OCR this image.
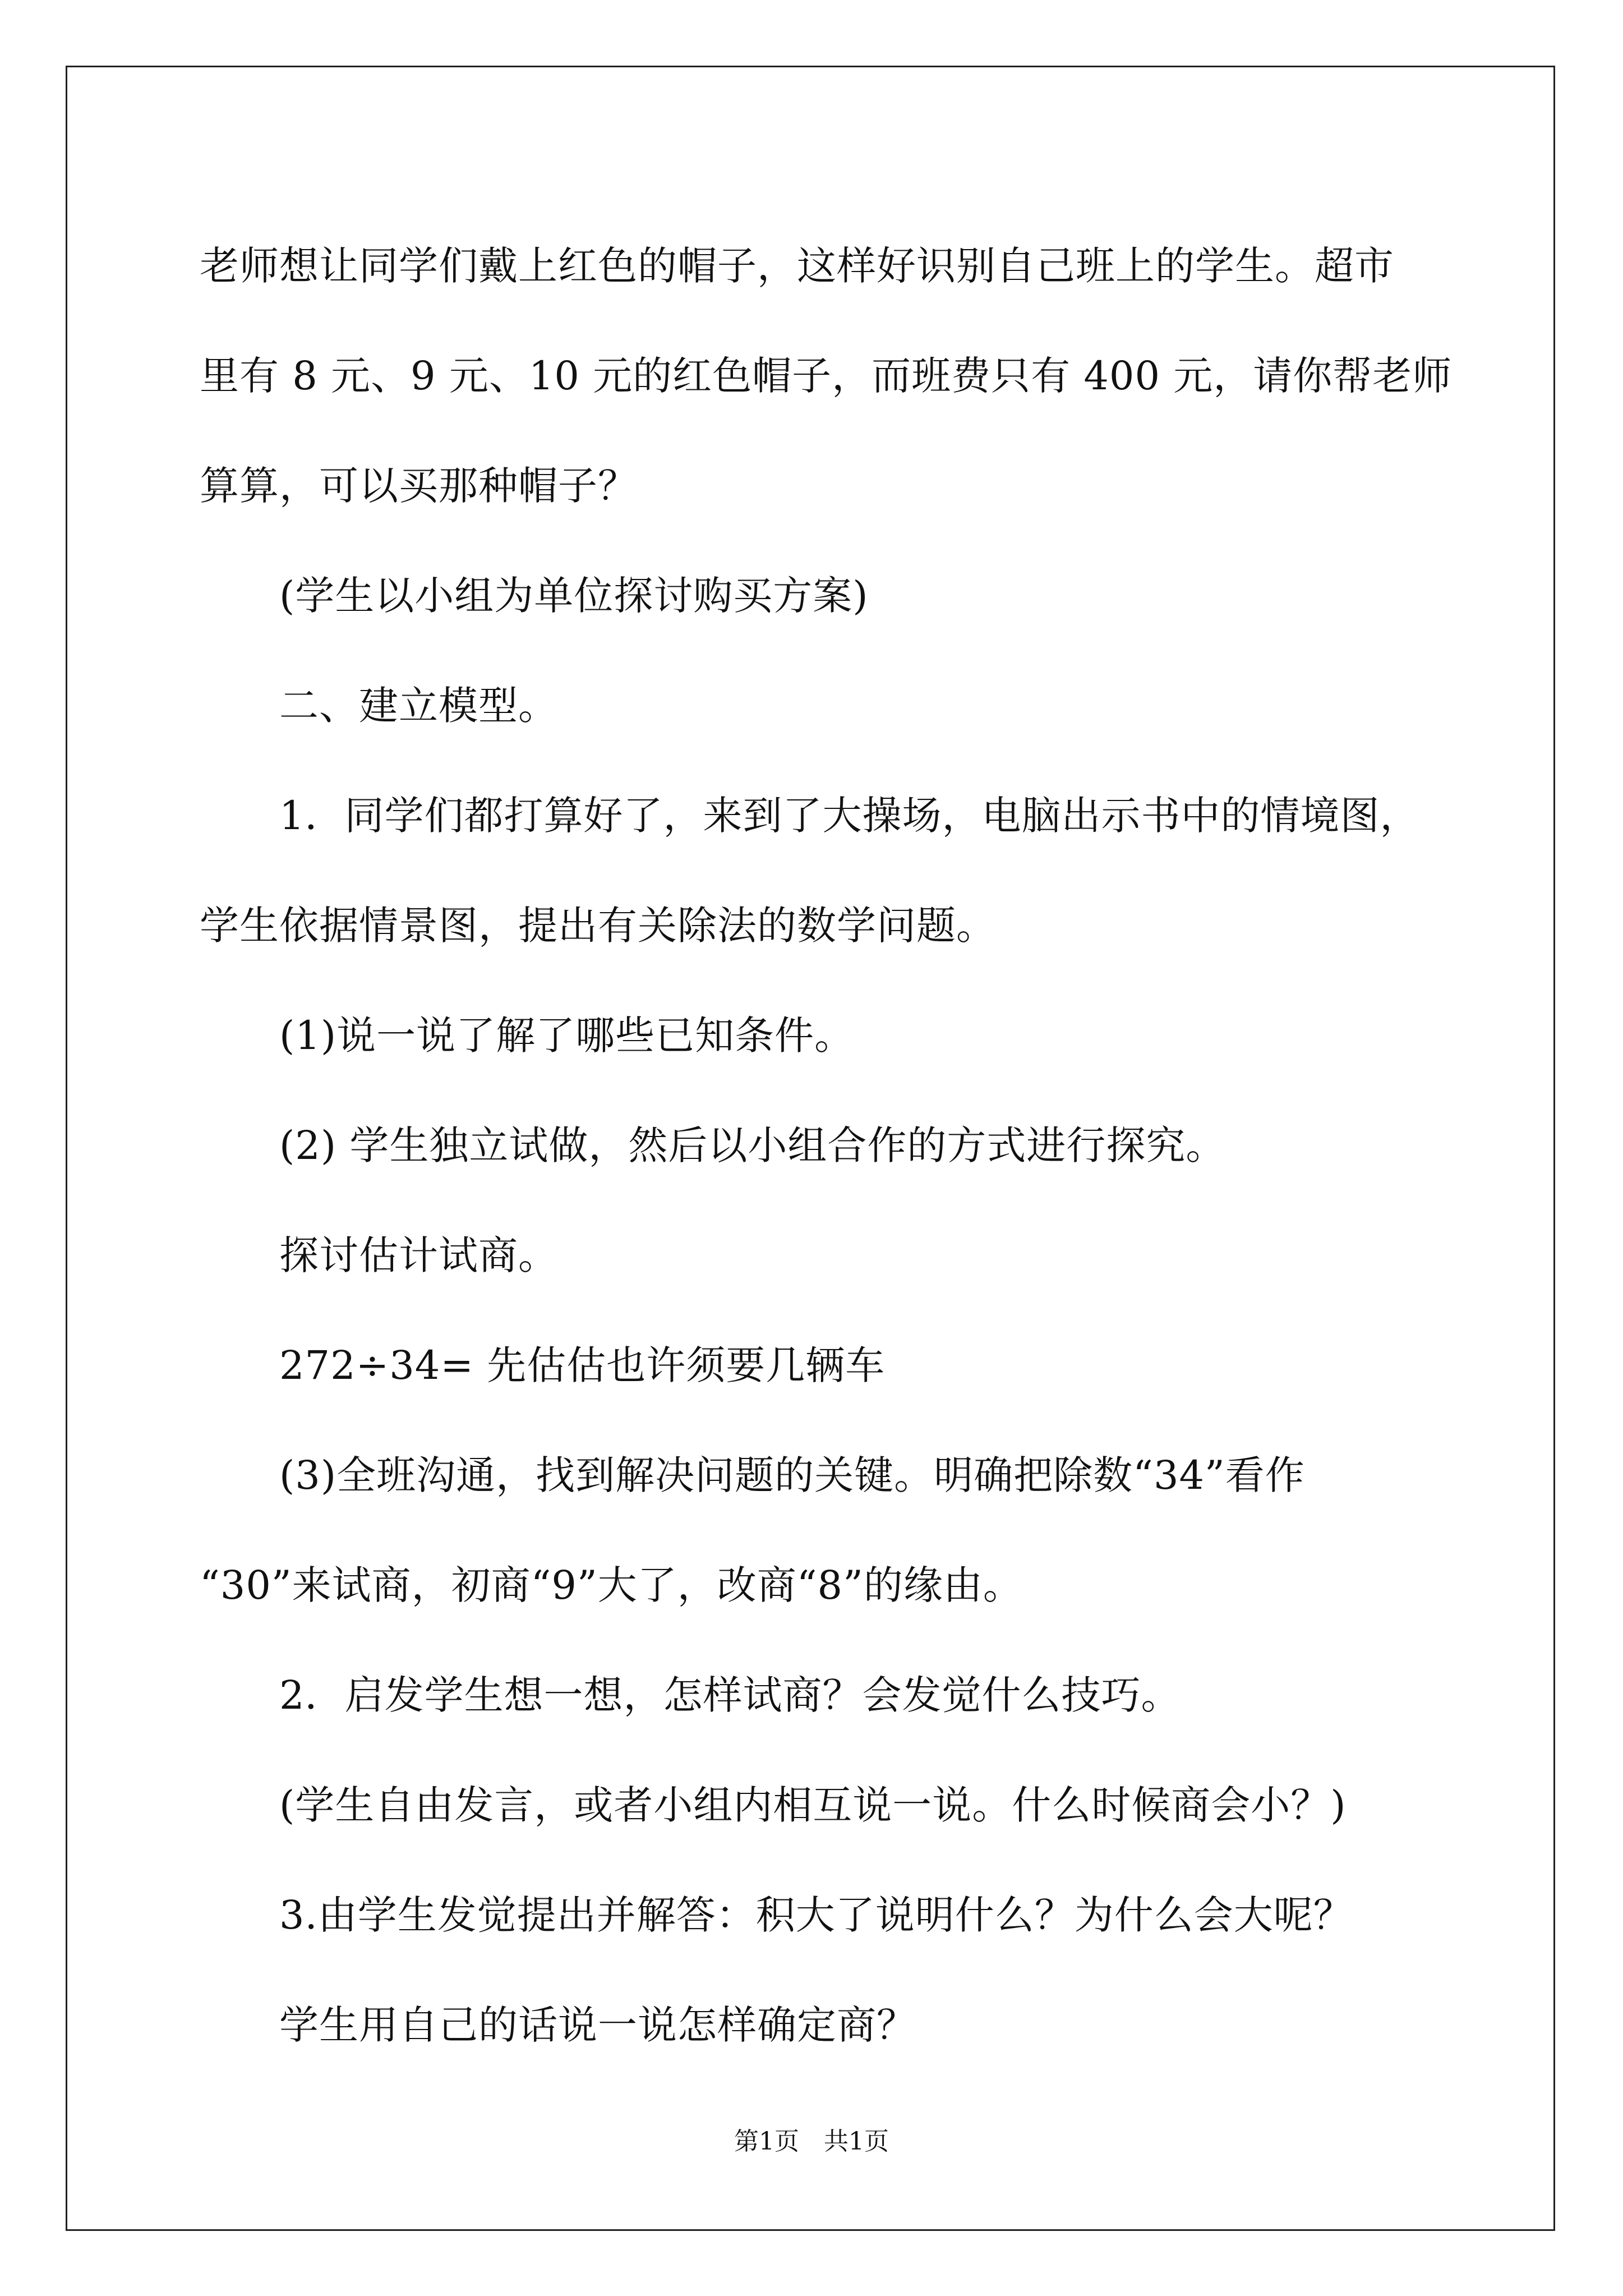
老师想让同学们戴上红色的帽子，这样好识别自己班上的学生。超市

里有 8 元、9 元、10 元的红色帽子，而班费只有 400 元，请你帮老师

算算，可以买那种帽子？

(学生以小组为单位探讨购买方案)

二、建立模型。

1．同学们都打算好了，来到了大操场，电脑出示书中的情境图，

学生依据情景图，提出有关除法的数学问题。

(1)说一说了解了哪些已知条件。

(2) 学生独立试做，然后以小组合作的方式进行探究。

探讨估计试商。

272÷34= 先估估也许须要几辆车

(3)全班沟通，找到解决问题的关键。明确把除数“34”看作

“30”来试商，初商“9”大了，改商“8”的缘由。

2．启发学生想一想，怎样试商？会发觉什么技巧。

(学生自由发言，或者小组内相互说一说。什么时候商会小？)

3.由学生发觉提出并解答：积大了说明什么？为什么会大呢？

学生用自己的话说一说怎样确定商？

第1页　共1页
